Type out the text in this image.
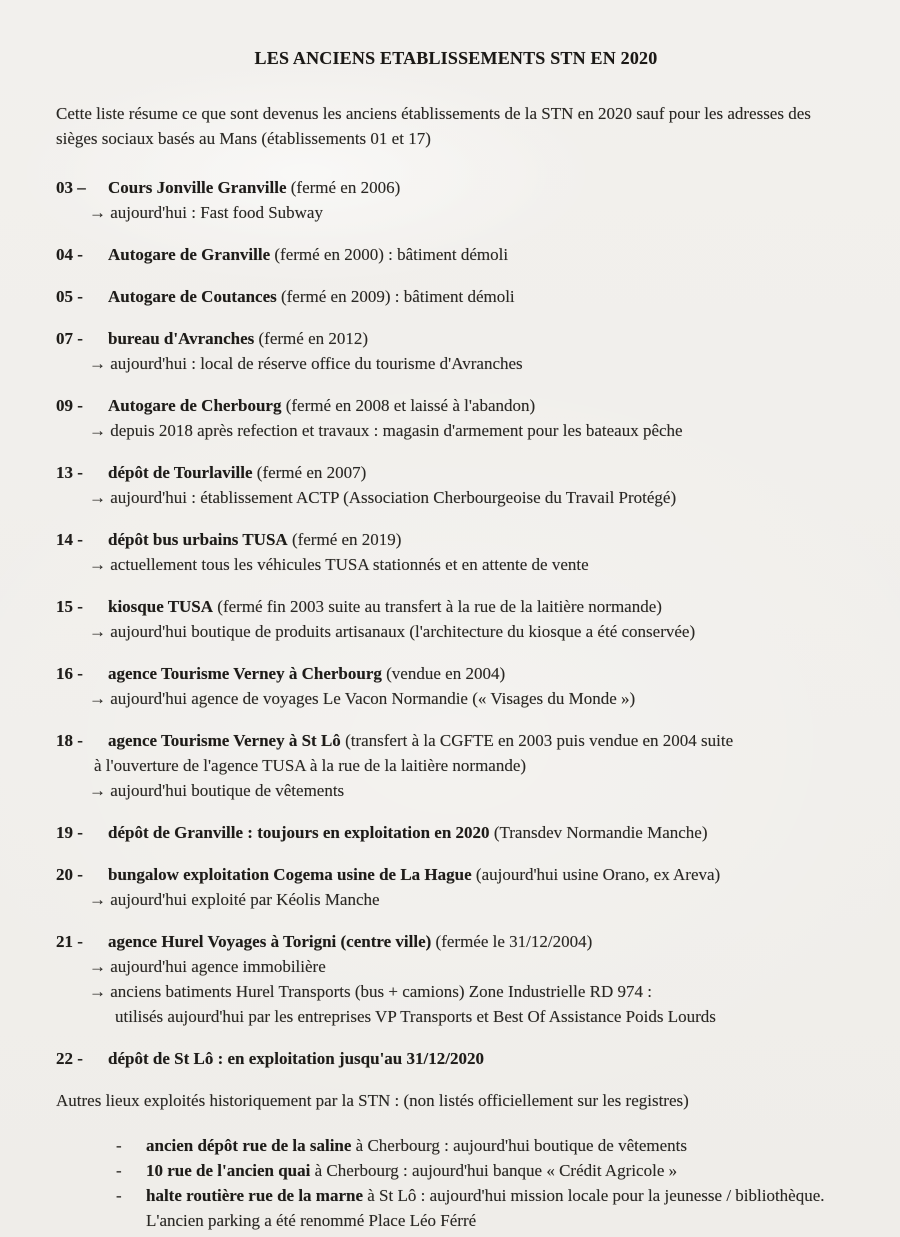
LES ANCIENS ETABLISSEMENTS STN EN 2020
Cette liste résume ce que sont devenus les anciens établissements de la STN en 2020 sauf pour les adresses des sièges sociaux basés au Mans (établissements 01 et 17)
03 –	Cours Jonville Granville (fermé en 2006)
→ aujourd'hui : Fast food Subway
04 -	Autogare de Granville (fermé en 2000) : bâtiment démoli
05 -	Autogare de Coutances (fermé en 2009) : bâtiment démoli
07 -	bureau d'Avranches (fermé en 2012)
→ aujourd'hui : local de réserve office du tourisme d'Avranches
09 -	Autogare de Cherbourg (fermé en 2008 et laissé à l'abandon)
→ depuis 2018 après refection et travaux : magasin d'armement pour les bateaux pêche
13 -	dépôt de Tourlaville (fermé en 2007)
→ aujourd'hui : établissement ACTP (Association Cherbourgeoise du Travail Protégé)
14 -	dépôt bus urbains TUSA (fermé en 2019)
→ actuellement tous les véhicules TUSA stationnés et en attente de vente
15 -	kiosque TUSA (fermé fin 2003 suite au transfert à la rue de la laitière normande)
→ aujourd'hui boutique de produits artisanaux (l'architecture du kiosque a été conservée)
16 -	agence Tourisme Verney à Cherbourg (vendue en 2004)
→ aujourd'hui agence de voyages Le Vacon Normandie (« Visages du Monde »)
18 -	agence Tourisme Verney à St Lô (transfert à la CGFTE en 2003 puis vendue en 2004 suite
à l'ouverture de l'agence TUSA à la rue de la laitière normande)
→ aujourd'hui boutique de vêtements
19 -	dépôt de Granville : toujours en exploitation en 2020 (Transdev Normandie Manche)
20 -	bungalow exploitation Cogema usine de La Hague (aujourd'hui usine Orano, ex Areva)
→ aujourd'hui exploité par Kéolis Manche
21 -	agence Hurel Voyages à Torigni (centre ville) (fermée le 31/12/2004)
→ aujourd'hui agence immobilière
→ anciens batiments Hurel Transports (bus + camions) Zone Industrielle RD 974 :
utilisés aujourd'hui par les entreprises VP Transports et Best Of Assistance Poids Lourds
22 -	dépôt de St Lô : en exploitation jusqu'au 31/12/2020
Autres lieux exploités historiquement par la STN : (non listés officiellement sur les registres)
-	ancien dépôt rue de la saline à Cherbourg : aujourd'hui boutique de vêtements
-	10 rue de l'ancien quai à Cherbourg : aujourd'hui banque « Crédit Agricole »
-	halte routière rue de la marne à St Lô : aujourd'hui mission locale pour la jeunesse / bibliothèque. L'ancien parking a été renommé Place Léo Férré
